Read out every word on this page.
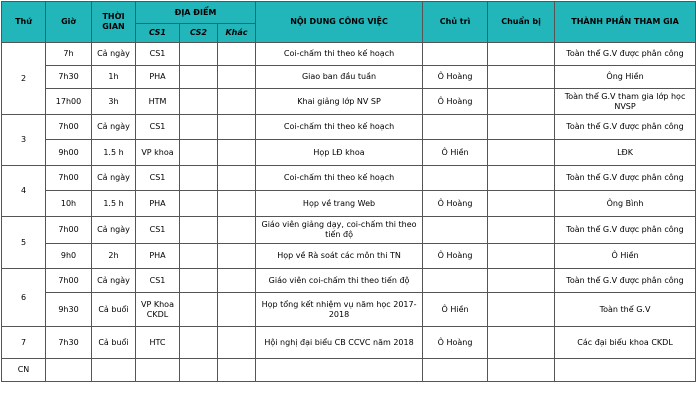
Thứ	Giờ	THỜI GIAN	ĐỊA ĐIỂM			NỘI DUNG CÔNG VIỆC	Chủ trì	Chuẩn bị	THÀNH PHẦN THAM GIA
			CS1	CS2	Khác				
2	7h	Cả ngày	CS1			Coi-chấm thi theo kế hoạch			Toàn thể G.V được phân công
	7h30	1h	PHA			Giao ban đầu tuần	Ô Hoàng		Ông Hiền
	17h00	3h	HTM			Khai giảng lớp NV SP	Ô Hoàng		Toàn thể G.V tham gia lớp học NVSP
3	7h00	Cả ngày	CS1			Coi-chấm thi theo kế hoạch			Toàn thể G.V được phân công
	9h00	1.5 h	VP khoa			Họp LĐ khoa	Ô Hiền		LĐK
4	7h00	Cả ngày	CS1			Coi-chấm thi theo kế hoạch			Toàn thể G.V được phân công
	10h	1.5 h	PHA			Họp về trang Web	Ô Hoàng		Ông Bình
5	7h00	Cả ngày	CS1			Giáo viên giảng dạy, coi-chấm thi theo tiến độ			Toàn thể G.V được phân công
	9h0	2h	PHA			Họp về Rà soát các môn thi TN	Ô Hoàng		Ô Hiền
6	7h00	Cả ngày	CS1			Giáo viên coi-chấm thi theo tiến độ			Toàn thể G.V được phân công
	9h30	Cả buổi	VP Khoa CKDL			Họp tổng kết nhiệm vụ năm học 2017-2018	Ô Hiền		Toàn thể G.V
7	7h30	Cả buổi	HTC			Hội nghị đại biểu CB CCVC năm 2018	Ô Hoàng		Các đại biểu khoa CKDL
CN									
